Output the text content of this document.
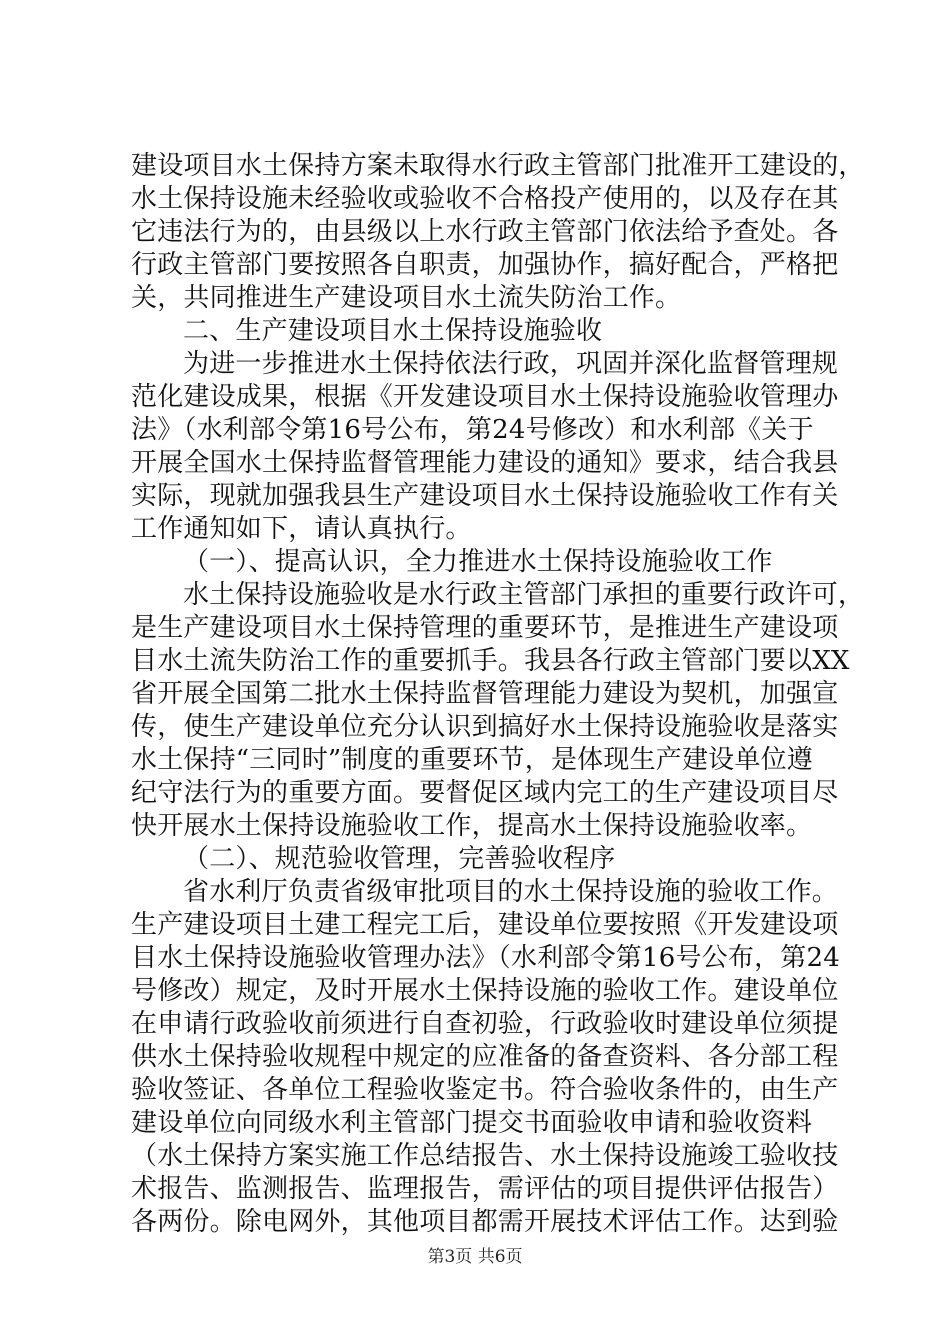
建设项目水土保持方案未取得水行政主管部门批准开工建设的，
水土保持设施未经验收或验收不合格投产使用的，以及存在其
它违法行为的，由县级以上水行政主管部门依法给予查处。各
行政主管部门要按照各自职责，加强协作，搞好配合，严格把
关，共同推进生产建设项目水土流失防治工作。
二、生产建设项目水土保持设施验收
为进一步推进水土保持依法行政，巩固并深化监督管理规
范化建设成果，根据《开发建设项目水土保持设施验收管理办
法》（水利部令第16号公布，第24号修改）和水利部《关于
开展全国水土保持监督管理能力建设的通知》要求，结合我县
实际，现就加强我县生产建设项目水土保持设施验收工作有关
工作通知如下，请认真执行。
（一）、提高认识，全力推进水土保持设施验收工作
水土保持设施验收是水行政主管部门承担的重要行政许可，
是生产建设项目水土保持管理的重要环节，是推进生产建设项
目水土流失防治工作的重要抓手。我县各行政主管部门要以XX
省开展全国第二批水土保持监督管理能力建设为契机，加强宣
传，使生产建设单位充分认识到搞好水土保持设施验收是落实
水土保持“三同时”制度的重要环节，是体现生产建设单位遵
纪守法行为的重要方面。要督促区域内完工的生产建设项目尽
快开展水土保持设施验收工作，提高水土保持设施验收率。
（二）、规范验收管理，完善验收程序
省水利厅负责省级审批项目的水土保持设施的验收工作。
生产建设项目土建工程完工后，建设单位要按照《开发建设项
目水土保持设施验收管理办法》（水利部令第16号公布，第24
号修改）规定，及时开展水土保持设施的验收工作。建设单位
在申请行政验收前须进行自查初验，行政验收时建设单位须提
供水土保持验收规程中规定的应准备的备查资料、各分部工程
验收签证、各单位工程验收鉴定书。符合验收条件的，由生产
建设单位向同级水利主管部门提交书面验收申请和验收资料
（水土保持方案实施工作总结报告、水土保持设施竣工验收技
术报告、监测报告、监理报告，需评估的项目提供评估报告）
各两份。除电网外，其他项目都需开展技术评估工作。达到验
第3页 共6页
